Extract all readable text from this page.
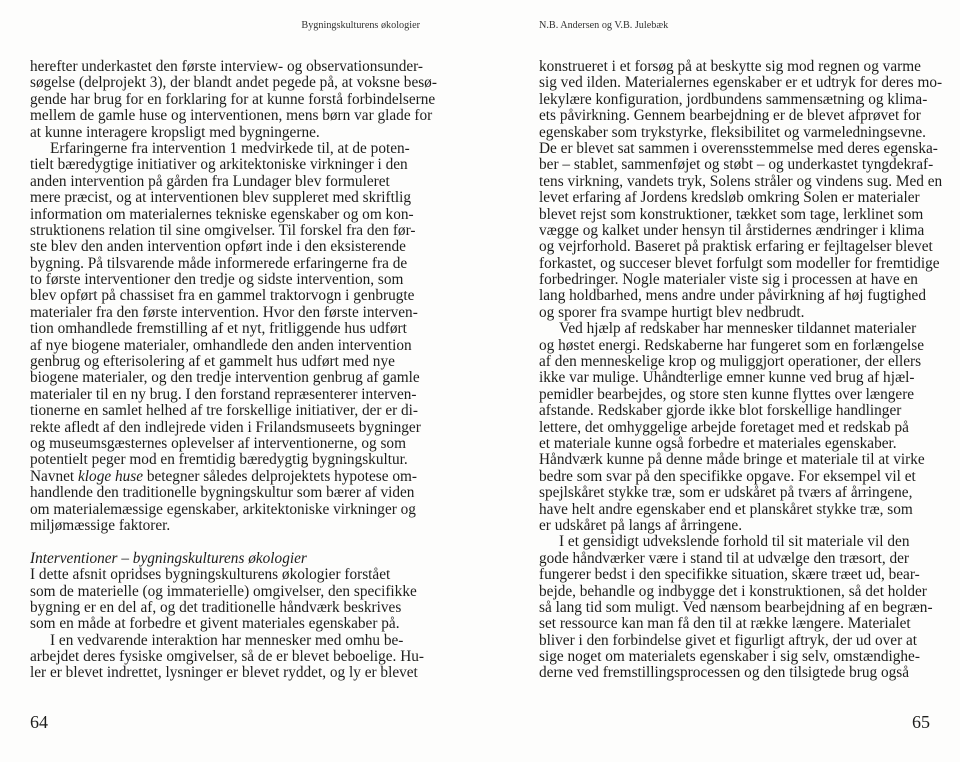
Bygningskulturens økologier
herefter underkastet den første interview- og observationsunder-
søgelse (delprojekt 3), der blandt andet pegede på, at voksne besø-
gende har brug for en forklaring for at kunne forstå forbindelserne
mellem de gamle huse og interventionen, mens børn var glade for
at kunne interagere kropsligt med bygningerne.
Erfaringerne fra intervention 1 medvirkede til, at de poten-
tielt bæredygtige initiativer og arkitektoniske virkninger i den
anden intervention på gården fra Lundager blev formuleret
mere præcist, og at interventionen blev suppleret med skriftlig
information om materialernes tekniske egenskaber og om kon-
struktionens relation til sine omgivelser. Til forskel fra den før-
ste blev den anden intervention opført inde i den eksisterende
bygning. På tilsvarende måde informerede erfaringerne fra de
to første interventioner den tredje og sidste intervention, som
blev opført på chassiset fra en gammel traktorvogn i genbrugte
materialer fra den første intervention. Hvor den første interven-
tion omhandlede fremstilling af et nyt, fritliggende hus udført
af nye biogene materialer, omhandlede den anden intervention
genbrug og efterisolering af et gammelt hus udført med nye
biogene materialer, og den tredje intervention genbrug af gamle
materialer til en ny brug. I den forstand repræsenterer interven-
tionerne en samlet helhed af tre forskellige initiativer, der er di-
rekte afledt af den indlejrede viden i Frilandsmuseets bygninger
og museumsgæsternes oplevelser af interventionerne, og som
potentielt peger mod en fremtidig bæredygtig bygningskultur.
Navnet kloge huse betegner således delprojektets hypotese om-
handlende den traditionelle bygningskultur som bærer af viden
om materialemæssige egenskaber, arkitektoniske virkninger og
miljømæssige faktorer.
Interventioner – bygningskulturens økologier
I dette afsnit opridses bygningskulturens økologier forstået
som de materielle (og immaterielle) omgivelser, den specifikke
bygning er en del af, og det traditionelle håndværk beskrives
som en måde at forbedre et givent materiales egenskaber på.
I en vedvarende interaktion har mennesker med omhu be-
arbejdet deres fysiske omgivelser, så de er blevet beboelige. Hu-
ler er blevet indrettet, lysninger er blevet ryddet, og ly er blevet
64
N.B. Andersen og V.B. Julebæk
konstrueret i et forsøg på at beskytte sig mod regnen og varme
sig ved ilden. Materialernes egenskaber er et udtryk for deres mo-
lekylære konfiguration, jordbundens sammensætning og klima-
ets påvirkning. Gennem bearbejdning er de blevet afprøvet for
egenskaber som trykstyrke, fleksibilitet og varmeledningsevne.
De er blevet sat sammen i overensstemmelse med deres egenska-
ber – stablet, sammenføjet og støbt – og underkastet tyngdekraf-
tens virkning, vandets tryk, Solens stråler og vindens sug. Med en
levet erfaring af Jordens kredsløb omkring Solen er materialer
blevet rejst som konstruktioner, tækket som tage, lerklinet som
vægge og kalket under hensyn til årstidernes ændringer i klima
og vejrforhold. Baseret på praktisk erfaring er fejltagelser blevet
forkastet, og succeser blevet forfulgt som modeller for fremtidige
forbedringer. Nogle materialer viste sig i processen at have en
lang holdbarhed, mens andre under påvirkning af høj fugtighed
og sporer fra svampe hurtigt blev nedbrudt.
Ved hjælp af redskaber har mennesker tildannet materialer
og høstet energi. Redskaberne har fungeret som en forlængelse
af den menneskelige krop og muliggjort operationer, der ellers
ikke var mulige. Uhåndterlige emner kunne ved brug af hjæl-
pemidler bearbejdes, og store sten kunne flyttes over længere
afstande. Redskaber gjorde ikke blot forskellige handlinger
lettere, det omhyggelige arbejde foretaget med et redskab på
et materiale kunne også forbedre et materiales egenskaber.
Håndværk kunne på denne måde bringe et materiale til at virke
bedre som svar på den specifikke opgave. For eksempel vil et
spejlskåret stykke træ, som er udskåret på tværs af årringene,
have helt andre egenskaber end et planskåret stykke træ, som
er udskåret på langs af årringene.
I et gensidigt udvekslende forhold til sit materiale vil den
gode håndværker være i stand til at udvælge den træsort, der
fungerer bedst i den specifikke situation, skære træet ud, bear-
bejde, behandle og indbygge det i konstruktionen, så det holder
så lang tid som muligt. Ved nænsom bearbejdning af en begræn-
set ressource kan man få den til at række længere. Materialet
bliver i den forbindelse givet et figurligt aftryk, der ud over at
sige noget om materialets egenskaber i sig selv, omstændighe-
derne ved fremstillingsprocessen og den tilsigtede brug også
65
